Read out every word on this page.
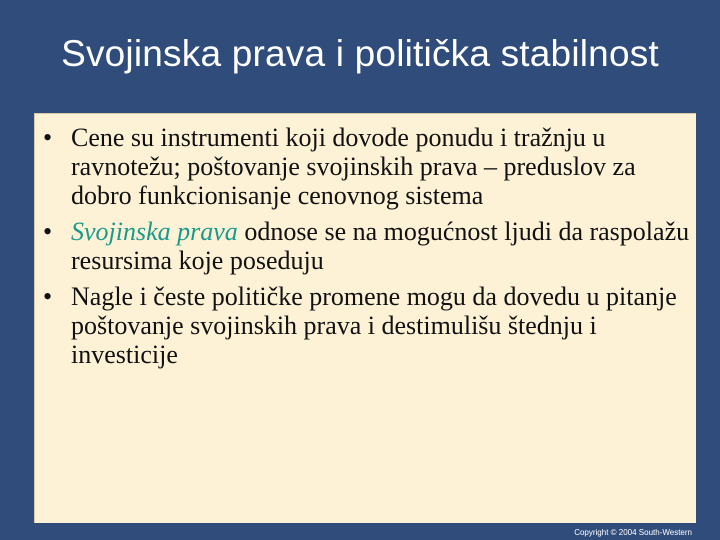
Svojinska prava i politička stabilnost
• Cene su instrumenti koji dovode ponudu i tražnju u ravnotežu; poštovanje svojinskih prava – preduslov za dobro funkcionisanje cenovnog sistema
• Svojinska prava odnose se na mogućnost ljudi da raspolažu resursima koje poseduju
• Nagle i česte političke promene mogu da dovedu u pitanje poštovanje svojinskih prava i destimulišu štednju i investicije
Copyright © 2004 South-Western
